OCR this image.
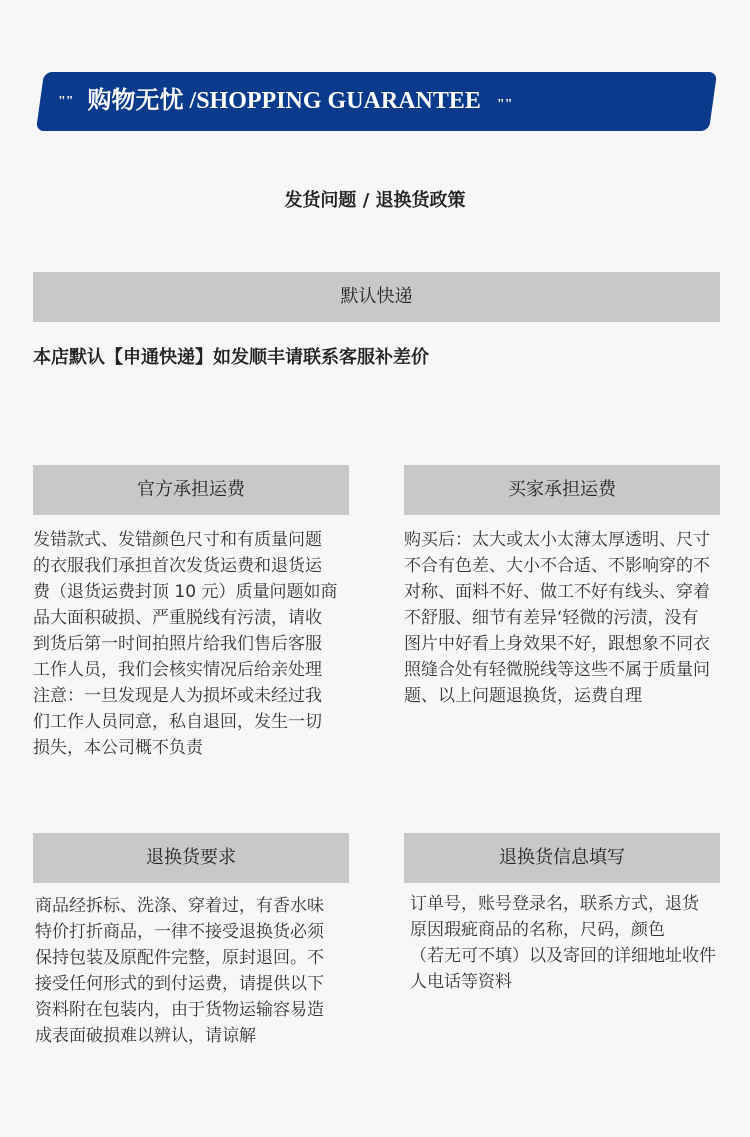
"" 购物无忧 /SHOPPING GUARANTEE ""
发货问题 / 退换货政策
默认快递
本店默认【申通快递】如发顺丰请联系客服补差价
官方承担运费
发错款式、发错颜色尺寸和有质量问题
的衣服我们承担首次发货运费和退货运
费（退货运费封顶 10 元）质量问题如商
品大面积破损、严重脱线有污渍，请收
到货后第一时间拍照片给我们售后客服
工作人员，我们会核实情况后给亲处理
注意：一旦发现是人为损坏或未经过我
们工作人员同意，私自退回，发生一切
损失，本公司概不负责
买家承担运费
购买后：太大或太小太薄太厚透明、尺寸
不合有色差、大小不合适、不影响穿的不
对称、面料不好、做工不好有线头、穿着
不舒服、细节有差异‘轻微的污渍，没有
图片中好看上身效果不好，跟想象不同衣
照缝合处有轻微脱线等这些不属于质量问
题、以上问题退换货，运费自理
退换货要求
商品经拆标、洗涤、穿着过，有香水味
特价打折商品，一律不接受退换货必须
保持包装及原配件完整，原封退回。不
接受任何形式的到付运费，请提供以下
资料附在包装内，由于货物运输容易造
成表面破损难以辨认，请谅解
退换货信息填写
订单号，账号登录名，联系方式，退货
原因瑕疵商品的名称，尺码，颜色
（若无可不填）以及寄回的详细地址收件
人电话等资料
